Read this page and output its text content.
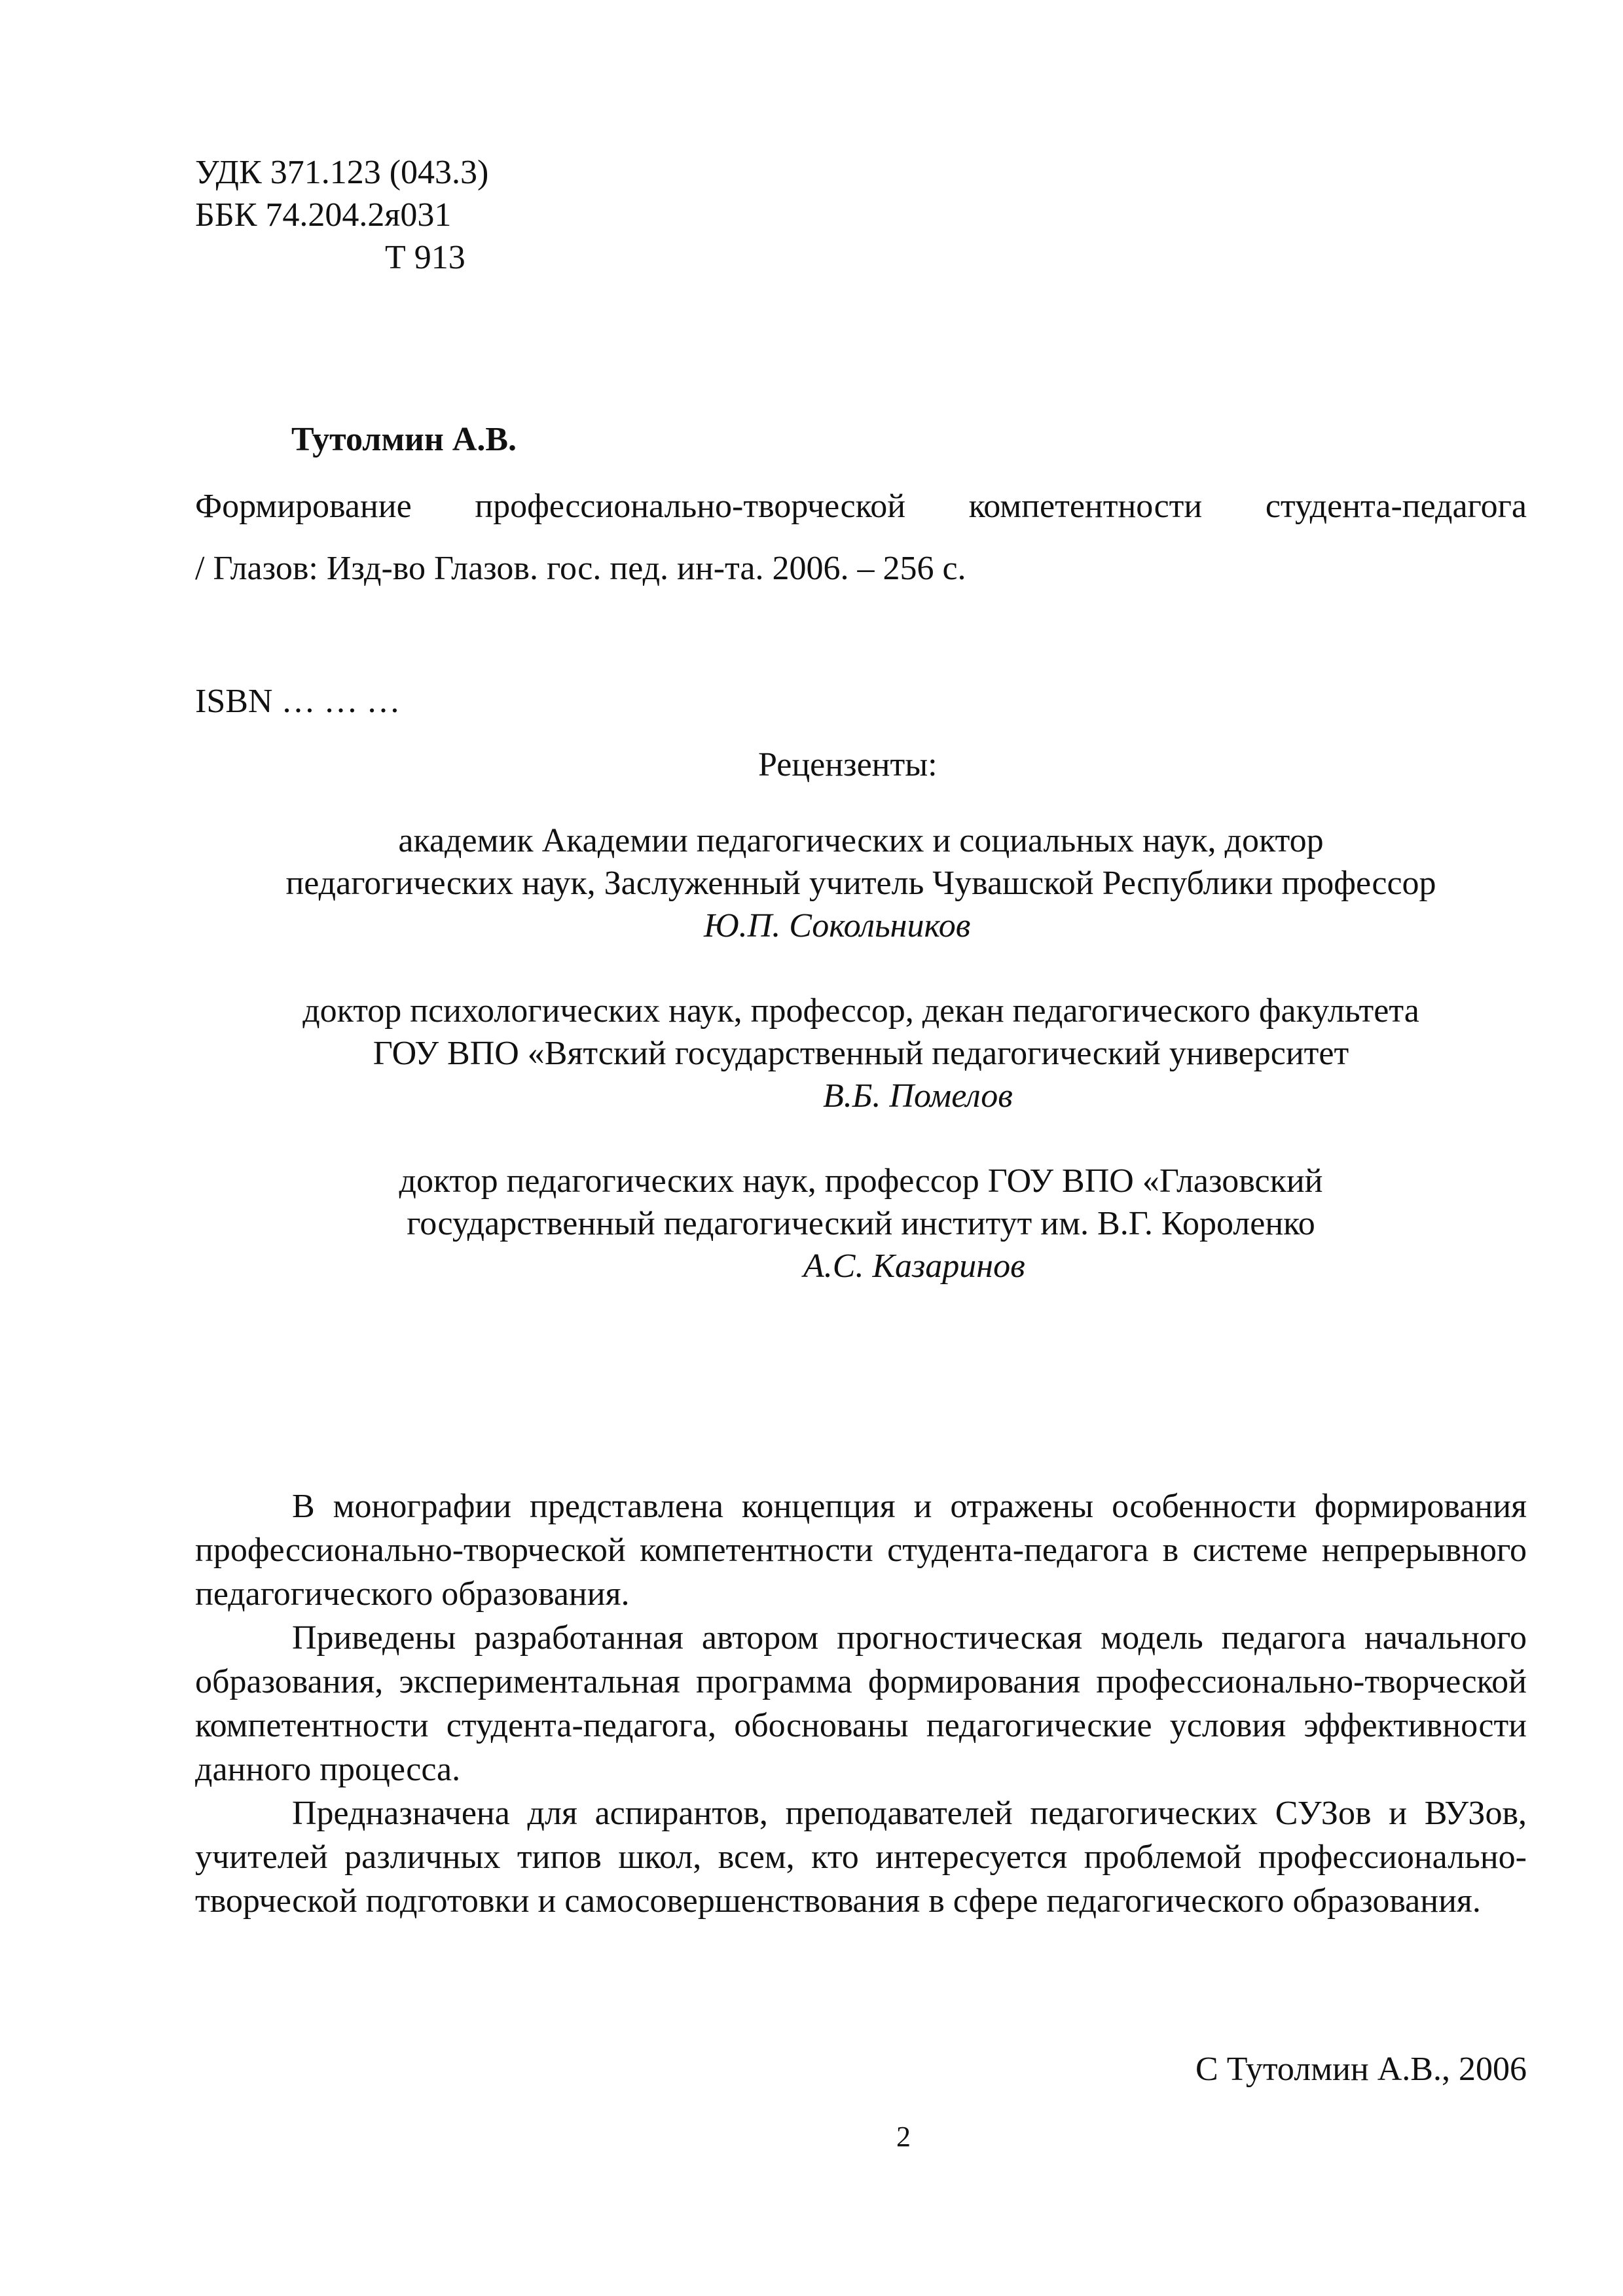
УДК 371.123 (043.3)

ББК 74.204.2я031

Т 913

Тутолмин А.В.

Формирование профессионально-творческой компетентности студента-педагога

/ Глазов: Изд-во Глазов. гос. пед. ин-та. 2006. – 256 с.

ISBN … … …

Рецензенты:

академик Академии педагогических и социальных наук, доктор

педагогических наук, Заслуженный учитель Чувашской Республики профессор

Ю.П. Сокольников

доктор психологических наук, профессор, декан педагогического факультета

ГОУ ВПО «Вятский государственный педагогический университет

В.Б. Помелов

доктор педагогических наук, профессор ГОУ ВПО «Глазовский

государственный педагогический институт им. В.Г. Короленко

А.С. Казаринов

В монографии представлена концепция и отражены особенности формирования профессионально-творческой компетентности студента-педагога в системе непрерывного педагогического образования.

Приведены разработанная автором прогностическая модель педагога начального образования, экспериментальная программа формирования профессионально-творческой компетентности студента-педагога, обоснованы педагогические условия эффективности данного процесса.

Предназначена для аспирантов, преподавателей педагогических СУЗов и ВУЗов, учителей различных типов школ, всем, кто интересуется проблемой профессионально-творческой подготовки и самосовершенствования в сфере педагогического образования.

С Тутолмин А.В., 2006

2
